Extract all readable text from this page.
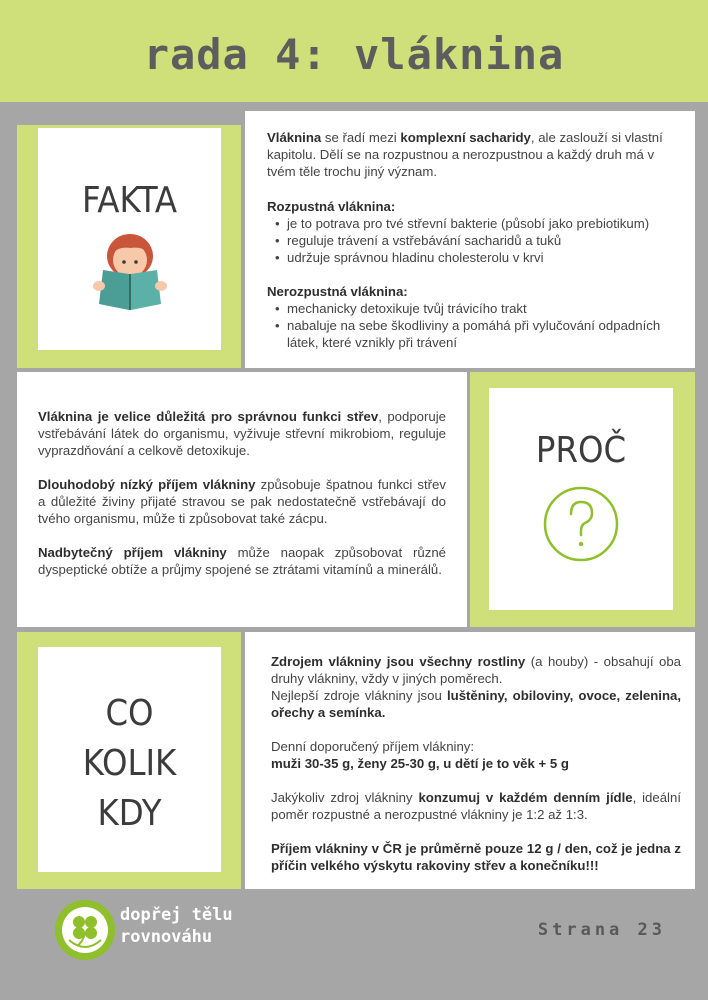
rada 4: vláknina
FAKTA

Vláknina se řadí mezi komplexní sacharidy, ale zaslouží si vlastní kapitolu. Dělí se na rozpustnou a nerozpustnou a každý druh má v tvém těle trochu jiný význam.

Rozpustná vláknina:

• je to potrava pro tvé střevní bakterie (působí jako prebiotikum)
• reguluje trávení a vstřebávání sacharidů a tuků
• udržuje správnou hladinu cholesterolu v krvi

Nerozpustná vláknina:

• mechanicky detoxikuje tvůj trávicího trakt
• nabaluje na sebe škodliviny a pomáhá při vylučování odpadních látek, které vznikly při trávení

Vláknina je velice důležitá pro správnou funkci střev, podporuje vstřebávání látek do organismu, vyživuje střevní mikrobiom, reguluje vyprazdňování a celkově detoxikuje.

Dlouhodobý nízký příjem vlákniny způsobuje špatnou funkci střev a důležité živiny přijaté stravou se pak nedostatečně vstřebávají do tvého organismu, může ti způsobovat také zácpu.

Nadbytečný příjem vlákniny může naopak způsobovat různé dyspeptické obtíže a průjmy spojené se ztrátami vitamínů a minerálů.

PROČ
CO
KOLIK
KDY

Zdrojem vlákniny jsou všechny rostliny (a houby) - obsahují oba druhy vlákniny, vždy v jiných poměrech.

Nejlepší zdroje vlákniny jsou luštěniny, obiloviny, ovoce, zelenina, ořechy a semínka.

Denní doporučený příjem vlákniny:
muži 30-35 g, ženy 25-30 g, u dětí je to věk + 5 g

Jakýkoliv zdroj vlákniny konzumuj v každém denním jídle, ideální poměr rozpustné a nerozpustné vlákniny je 1:2 až 1:3.

Příjem vlákniny v ČR je průměrně pouze 12 g / den, což je jedna z příčin velkého výskytu rakoviny střev a konečníku!!!

dopřej tělu
rovnováhu	Strana 23
